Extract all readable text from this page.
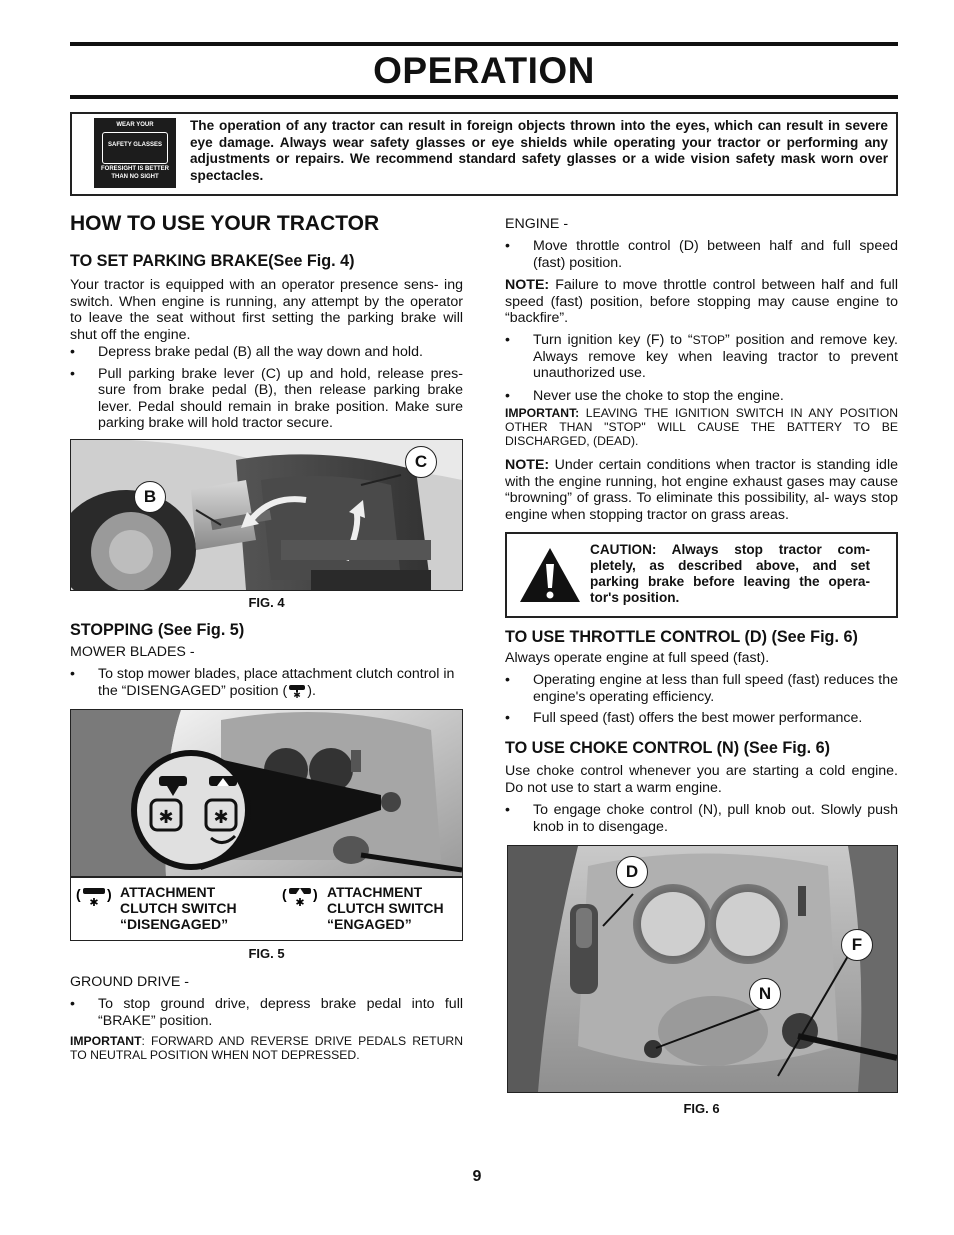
OPERATION
WEAR YOUR
SAFETY GLASSES
FORESIGHT IS BETTER
THAN NO SIGHT
The operation of any tractor can result in foreign objects thrown into the eyes, which can result in severe eye damage. Always wear safety glasses or eye shields while operating your tractor or performing any adjustments or repairs. We recommend standard safety glasses or a wide vision safety mask worn over spectacles.
HOW TO USE YOUR TRACTOR
TO SET PARKING BRAKE(See Fig. 4)

Your tractor is equipped with an operator presence sens- ing switch. When engine is running, any attempt by the operator to leave the seat without first setting the parking brake will shut off the engine.

• Depress brake pedal (B) all the way down and hold.
• Pull parking brake lever (C) up and hold, release pres- sure from brake pedal (B), then release parking brake lever. Pedal should remain in brake position. Make sure parking brake will hold tractor secure.
B
C
FIG. 4
STOPPING (See Fig. 5)

MOWER BLADES -

• To stop mower blades, place attachment clutch control in the “DISENGAGED” position ( ✱ ).
✱ ✱
(
✱
) ATTACHMENT CLUTCH SWITCH “DISENGAGED”
(
✱
) ATTACHMENT CLUTCH SWITCH “ENGAGED”
FIG. 5

GROUND DRIVE -

• To stop ground drive, depress brake pedal into full “BRAKE” position.

IMPORTANT: FORWARD AND REVERSE DRIVE PEDALS RETURN TO NEUTRAL POSITION WHEN NOT DEPRESSED.

ENGINE -

• Move throttle control (D) between half and full speed (fast) position.

NOTE: Failure to move throttle control between half and full speed (fast) position, before stopping may cause engine to “backfire”.

• Turn ignition key (F) to “STOP” position and remove key. Always remove key when leaving tractor to prevent unauthorized use.
• Never use the choke to stop the engine.

IMPORTANT: LEAVING THE IGNITION SWITCH IN ANY POSITION OTHER THAN "STOP" WILL CAUSE THE BATTERY TO BE DISCHARGED, (DEAD).

NOTE: Under certain conditions when tractor is standing idle with the engine running, hot engine exhaust gases may cause “browning” of grass. To eliminate this possibility, al- ways stop engine when stopping tractor on grass areas.

CAUTION: Always stop tractor com- pletely, as described above, and set parking brake before leaving the opera- tor's position.
TO USE THROTTLE CONTROL (D) (See Fig. 6)

Always operate engine at full speed (fast).

• Operating engine at less than full speed (fast) reduces the engine's operating efficiency.
• Full speed (fast) offers the best mower performance.
TO USE CHOKE CONTROL (N) (See Fig. 6)

Use choke control whenever you are starting a cold engine. Do not use to start a warm engine.

• To engage choke control (N), pull knob out. Slowly push knob in to disengage.
D
F
N
FIG. 6
9
